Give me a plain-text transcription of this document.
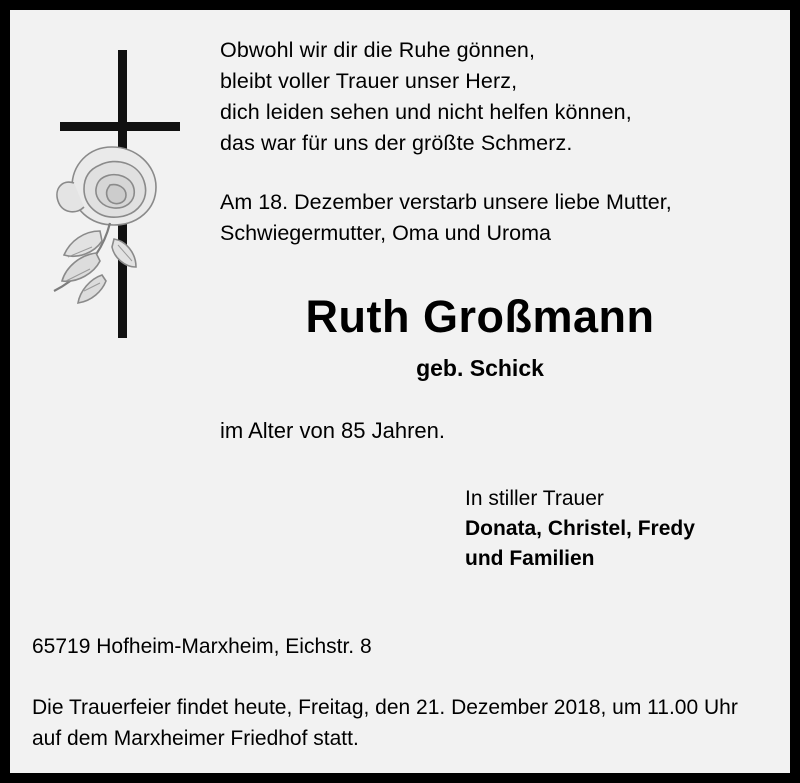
Obwohl wir dir die Ruhe gönnen,
bleibt voller Trauer unser Herz,
dich leiden sehen und nicht helfen können,
das war für uns der größte Schmerz.
Am 18. Dezember verstarb unsere liebe Mutter,
Schwiegermutter, Oma und Uroma
Ruth Großmann
geb. Schick
im Alter von 85 Jahren.
In stiller Trauer
Donata, Christel, Fredy
und Familien
65719 Hofheim-Marxheim, Eichstr. 8
Die Trauerfeier findet heute, Freitag, den 21. Dezember 2018, um 11.00 Uhr
auf dem Marxheimer Friedhof statt.
